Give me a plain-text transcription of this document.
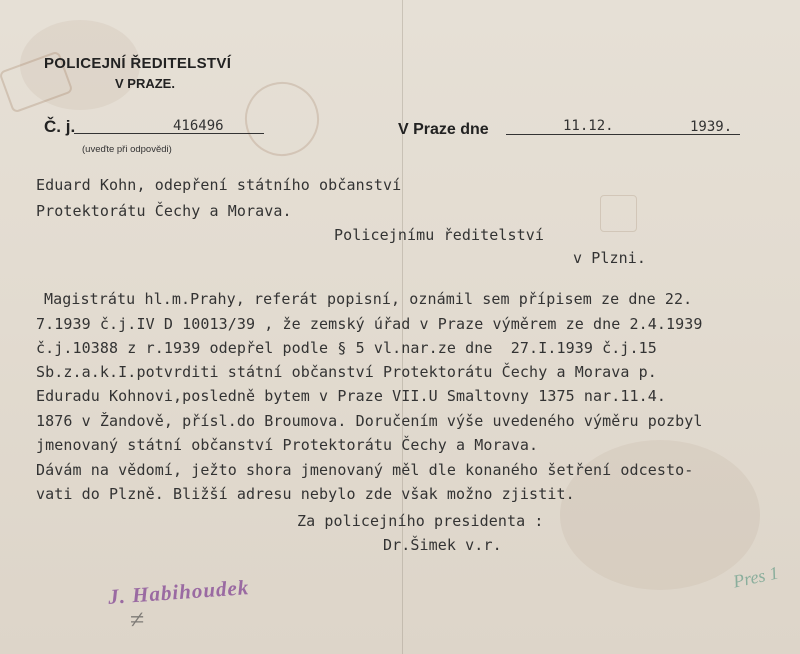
​
POLICEJNÍ ŘEDITELSTVÍ
V PRAZE.
Č. j.	416496
(uveďte při odpovědi)
V Praze dne	11.12.	1939.
Eduard Kohn, odepření státního občanství
Protektorátu Čechy a Morava.
Policejnímu ředitelství
v Plzni.
Magistrátu hl.m.Prahy, referát popisní, oznámil sem přípisem ze dne 22.
7.1939 č.j.IV D 10013/39 , že zemský úřad v Praze výměrem ze dne 2.4.1939
č.j.10388 z r.1939 odepřel podle § 5 vl.nar.ze dne  27.I.1939 č.j.15
Sb.z.a.k.I.potvrditi státní občanství Protektorátu Čechy a Morava p.
Eduradu Kohnovi,posledně bytem v Praze VII.U Smaltovny 1375 nar.11.4.
1876 v Žandově, přísl.do Broumova. Doručením výše uvedeného výměru pozbyl
jmenovaný státní občanství Protektorátu Čechy a Morava.
Dávám na vědomí, ježto shora jmenovaný měl dle konaného šetření odcesto-
vati do Plzně. Bližší adresu nebylo zde však možno zjistit.
Za policejního presidenta :
Dr.Šimek v.r.
J. Habihoudek
≠
Pres 1
